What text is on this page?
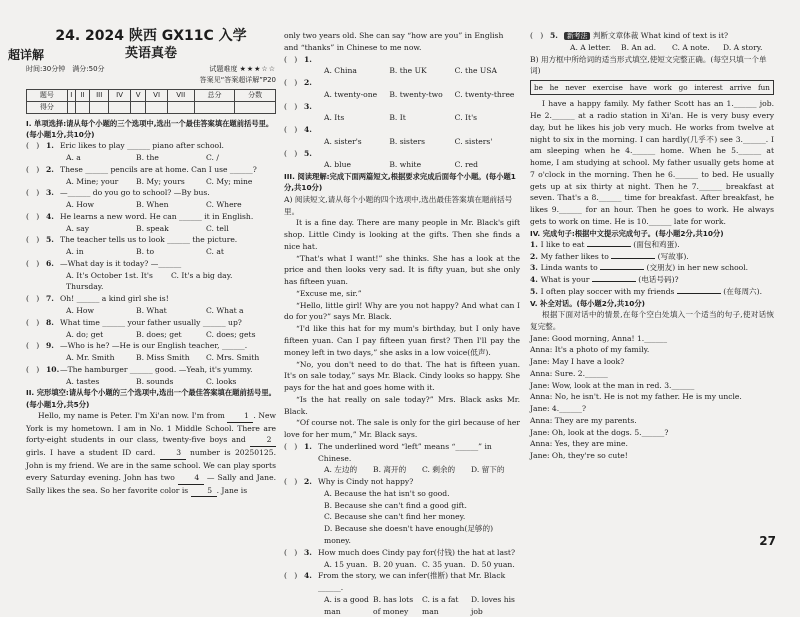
超详解
24. 2024 陕西 GX11C 入学
英语真卷
时间:30分钟　满分:50分	试题难度 ★★★☆☆
答案见“答案超详解”P20
题号	I	II	III	IV	V	VI	VII	总分	分数
得分									
I. 单项选择:请从每个小题的三个选项中,选出一个最佳答案填在题前括号里。(每小题1分,共10分)
(   ) 1. Eric likes to play ______ piano after school.
A. a	B. the	C. /
(   ) 2. These ______ pencils are at home. Can I use ______?
A. Mine; your	B. My; yours	C. My; mine
(   ) 3. —______ do you go to school? —By bus.
A. How	B. When	C. Where
(   ) 4. He learns a new word. He can ______ it in English.
A. say	B. speak	C. tell
(   ) 5. The teacher tells us to look ______ the picture.
A. in	B. to	C. at
(   ) 6. —What day is it today? —______
A. It's October 1st. It's Thursday.
C. It's a big day.
(   ) 7. Oh! ______ a kind girl she is!
A. How	B. What	C. What a
(   ) 8. What time ______ your father usually ______ up?
A. do; get	B. does; get	C. does; gets
(   ) 9. —Who is he? —He is our English teacher, ______.
A. Mr. Smith	B. Miss Smith	C. Mrs. Smith
(   ) 10. —The hamburger ______ good. —Yeah, it's yummy.
A. tastes	B. sounds	C. looks
II. 完形填空:请从每个小题的三个选项中,选出一个最佳答案填在题前括号里。(每小题1分,共5分)
Hello, my name is Peter. I'm Xi'an now. I'm from	1 . New York is my hometown. I am in No. 1 Middle School. There are forty-eight students in our class, twenty-five boys and	2 girls. I have a student ID card.	3 number is 20250125. John is my friend. We are in the same school. We can play sports every Saturday evening. John has two	4 — Sally and Jane. Sally likes the sea. So her favorite color is	5 . Jane is
only two years old. She can say “how are you” in English and “thanks” in Chinese to me now.
(   ) 1.
A. China	B. the UK	C. the USA
(   ) 2.
A. twenty-one	B. twenty-two	C. twenty-three
(   ) 3.
A. Its	B. It	C. It's
(   ) 4.
A. sister's	B. sisters	C. sisters'
(   ) 5.
A. blue	B. white	C. red
III. 阅读理解:完成下面两篇短文,根据要求完成后面每个小题。(每小题1分,共10分)
A) 阅读短文,请从每个小题的四个选项中,选出最佳答案填在题前括号里。
It is a fine day. There are many people in Mr. Black's gift shop. Little Cindy is looking at the gifts. Then she finds a nice hat.
“That's what I want!” she thinks. She has a look at the price and then looks very sad. It is fifty yuan, but she only has fifteen yuan.
“Excuse me, sir.”
“Hello, little girl! Why are you not happy? And what can I do for you?” says Mr. Black.
“I'd like this hat for my mum's birthday, but I only have fifteen yuan. Can I pay fifteen yuan first? Then I'll pay the money left in two days,” she asks in a low voice(低声).
“No, you don't need to do that. The hat is fifteen yuan. It's on sale today,” says Mr. Black. Cindy looks so happy. She pays for the hat and goes home with it.
“Is the hat really on sale today?” Mrs. Black asks Mr. Black.
“Of course not. The sale is only for the girl because of her love for her mum,” Mr. Black says.
(   ) 1. The underlined word “left” means “______” in Chinese.
A. 左边的	B. 离开的	C. 剩余的	D. 留下的
(   ) 2. Why is Cindy not happy?
A. Because the hat isn't so good.
B. Because she can't find a good gift.
C. Because she can't find her money.
D. Because she doesn't have enough(足够的) money.
(   ) 3. How much does Cindy pay for(付钱) the hat at last?
A. 15 yuan. B. 20 yuan. C. 35 yuan. D. 50 yuan.
(   ) 4. From the story, we can infer(推断) that Mr. Black ______.
A. is a good man
B. has lots of money
C. is a fat man
D. loves his job
(   ) 5.	新考法 判断文章体裁 What kind of text is it?
A. A letter.	B. An ad.	C. A note.	D. A story.
B) 用方框中所给词的适当形式填空,使短文完整正确。(每空只填一个单词)
be he never exercise have work go interest arrive fun
I have a happy family. My father Scott has an 1.______ job. He 2.______ at a radio station in Xi'an. He is very busy every day, but he likes his job very much. He works from twelve at night to six in the morning. I can hardly(几乎不) see 3.______. I am sleeping when he 4.______ home. When he 5.______ at home, I am studying at school. My father usually gets home at 7 o'clock in the morning. Then he 6.______ to bed. He usually gets up at six thirty at night. Then he 7.______ breakfast at seven. That's a 8.______ time for breakfast. After breakfast, he likes 9.______ for an hour. Then he goes to work. He always gets to work on time. He is 10.______ late for work.
IV. 完成句子:根据中文提示完成句子。(每小题2分,共10分)
1. I like to eat	(面包和鸡蛋).
2. My father likes to	(写故事).
3. Linda wants to	(交朋友) in her new school.
4. What is your	(电话号码)?
5. I often play soccer with my friends	(在每周六).
V. 补全对话。(每小题2分,共10分)
根据下面对话中的情景,在每个空白处填入一个适当的句子,使对话恢复完整。
Jane: Good morning, Anna! 1.______
Anna: It's a photo of my family.
Jane: May I have a look?
Anna: Sure. 2.______
Jane: Wow, look at the man in red. 3.______
Anna: No, he isn't. He is not my father. He is my uncle.
Jane: 4.______?
Anna: They are my parents.
Jane: Oh, look at the dogs. 5.______?
Anna: Yes, they are mine.
Jane: Oh, they're so cute!
27
